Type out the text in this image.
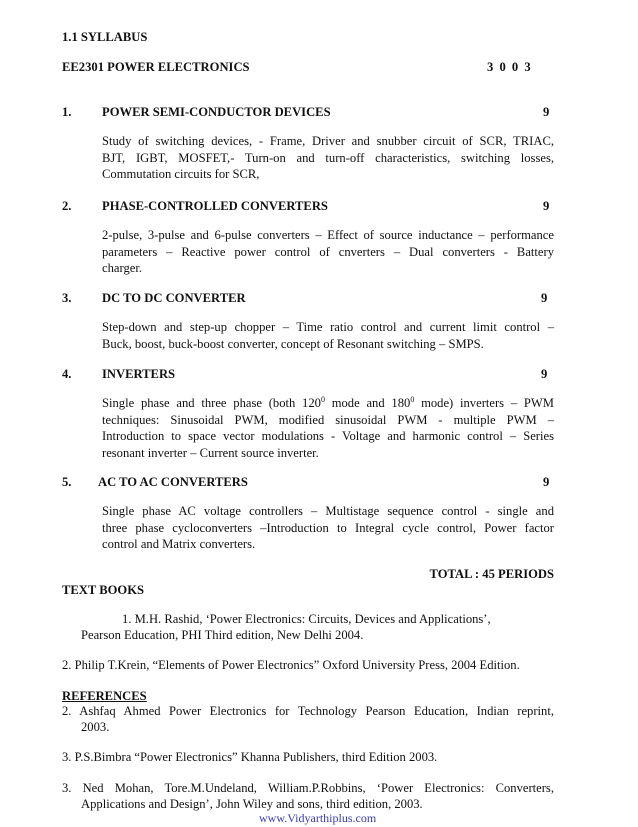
1.1 SYLLABUS
EE2301 POWER ELECTRONICS	3 0 0 3
1. POWER SEMI-CONDUCTOR DEVICES	9
Study of switching devices, - Frame, Driver and snubber circuit of SCR, TRIAC,
BJT, IGBT, MOSFET,- Turn-on and turn-off characteristics, switching losses,
Commutation circuits for SCR,
2. PHASE-CONTROLLED CONVERTERS	9
2-pulse, 3-pulse and 6-pulse converters – Effect of source inductance – performance
parameters – Reactive power control of cnverters – Dual converters - Battery
charger.
3. DC TO DC CONVERTER	9
Step-down and step-up chopper – Time ratio control and current limit control –
Buck, boost, buck-boost converter, concept of Resonant switching – SMPS.
4. INVERTERS	9
Single phase and three phase (both $120^0$ mode and $180^0$ mode) inverters – PWM
techniques: Sinusoidal PWM, modified sinusoidal PWM - multiple PWM –
Introduction to space vector modulations - Voltage and harmonic control – Series
resonant inverter – Current source inverter.
5. AC TO AC CONVERTERS	9
Single phase AC voltage controllers – Multistage sequence control - single and
three phase cycloconverters –Introduction to Integral cycle control, Power factor
control and Matrix converters.
TOTAL : 45 PERIODS
TEXT BOOKS
1. M.H. Rashid, ‘Power Electronics: Circuits, Devices and Applications’,
Pearson Education, PHI Third edition, New Delhi 2004.
2. Philip T.Krein, “Elements of Power Electronics” Oxford University Press, 2004 Edition.
REFERENCES
2. Ashfaq Ahmed Power Electronics for Technology Pearson Education, Indian reprint,
2003.
3. P.S.Bimbra “Power Electronics” Khanna Publishers, third Edition 2003.
3. Ned Mohan, Tore.M.Undeland, William.P.Robbins, ‘Power Electronics: Converters,
Applications and Design’, John Wiley and sons, third edition, 2003.
www.Vidyarthiplus.com
